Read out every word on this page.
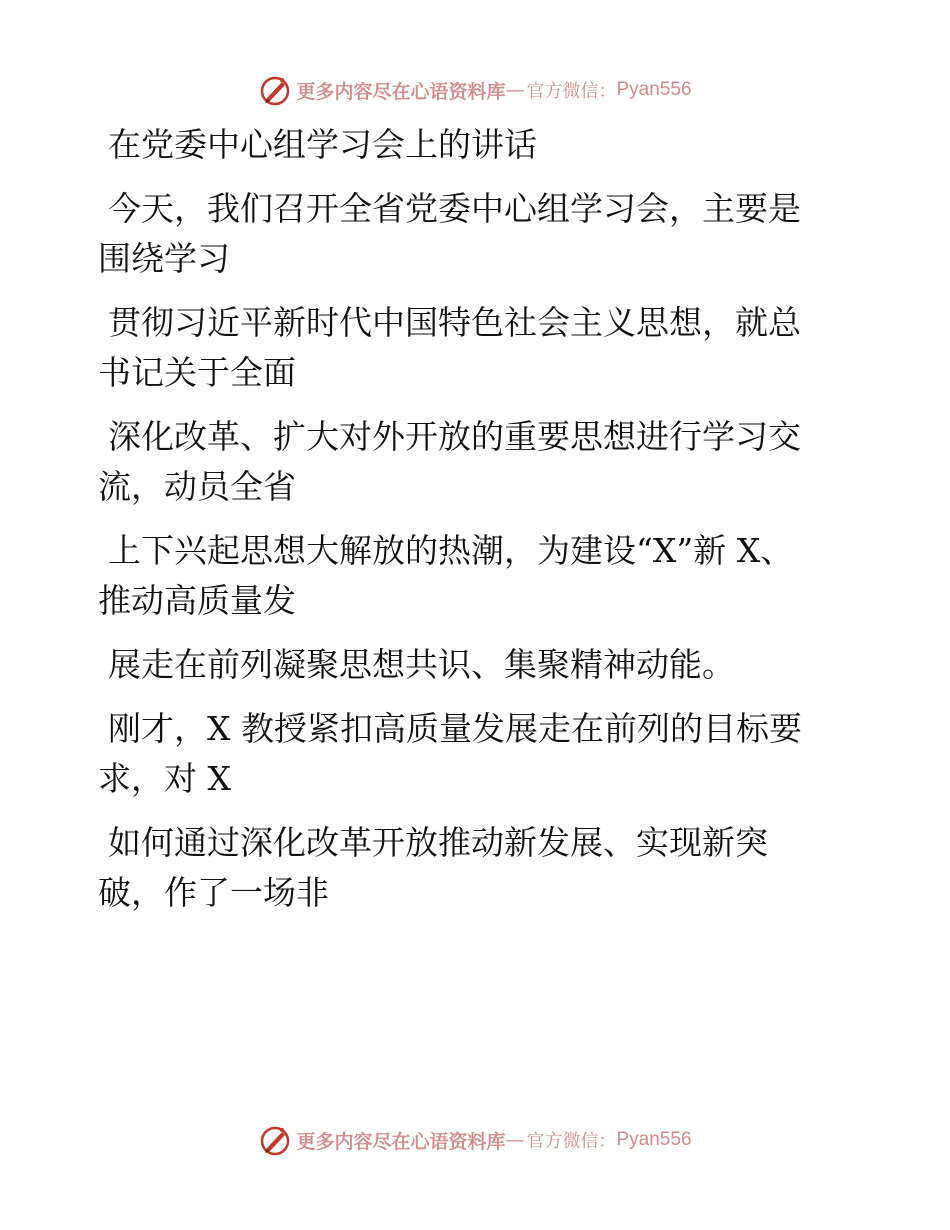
更多内容尽在心语资料库 — 官方微信： Pyan556
在党委中心组学习会上的讲话
今天，我们召开全省党委中心组学习会，主要是
围绕学习
贯彻习近平新时代中国特色社会主义思想，就总
书记关于全面
深化改革、扩大对外开放的重要思想进行学习交
流，动员全省
上下兴起思想大解放的热潮，为建设“X”新 X、
推动高质量发
展走在前列凝聚思想共识、集聚精神动能。
刚才，X 教授紧扣高质量发展走在前列的目标要
求，对 X
如何通过深化改革开放推动新发展、实现新突
破，作了一场非
更多内容尽在心语资料库 — 官方微信： Pyan556
